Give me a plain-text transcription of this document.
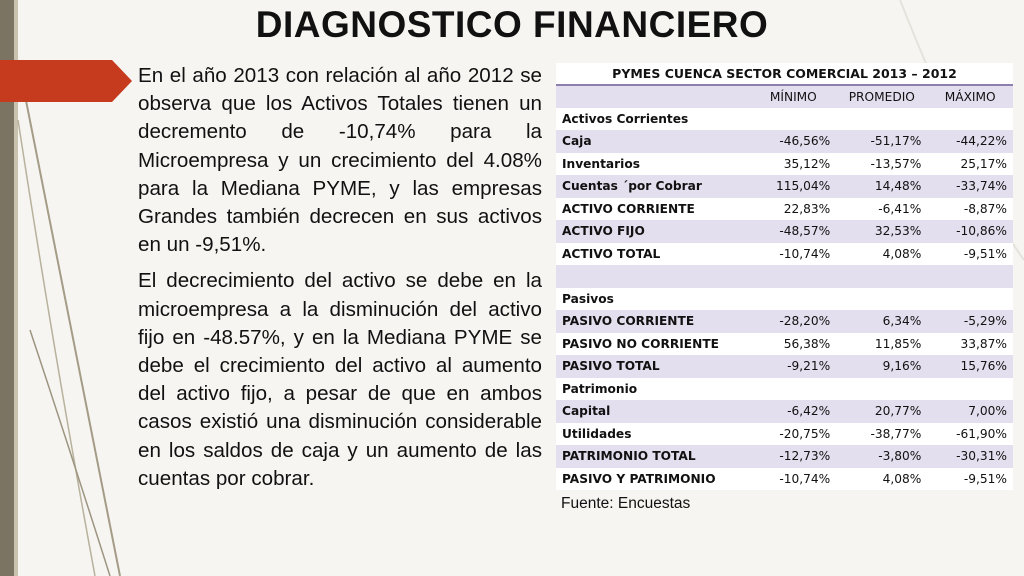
DIAGNOSTICO FINANCIERO

En el año 2013 con relación al año 2012 se observa que los Activos Totales tienen un decremento de -10,74% para la Microempresa y un crecimiento del 4.08% para la Mediana PYME, y las empresas Grandes también decrecen en sus activos en un -9,51%.

El decrecimiento del activo se debe en la microempresa a la disminución del activo fijo en -48.57%, y en la Mediana PYME se debe el crecimiento del activo al aumento del activo fijo, a pesar de que en ambos casos existió una disminución considerable en los saldos de caja y un aumento de las cuentas por cobrar.

PYMES CUENCA SECTOR COMERCIAL 2013 – 2012			
	MÍNIMO	PROMEDIO	MÁXIMO
Activos Corrientes			
Caja	-46,56%	-51,17%	-44,22%
Inventarios	35,12%	-13,57%	25,17%
Cuentas ´por Cobrar	115,04%	14,48%	-33,74%
ACTIVO CORRIENTE	22,83%	-6,41%	-8,87%
ACTIVO FIJO	-48,57%	32,53%	-10,86%
ACTIVO TOTAL	-10,74%	4,08%	-9,51%

Pasivos			
PASIVO CORRIENTE	-28,20%	6,34%	-5,29%
PASIVO NO CORRIENTE	56,38%	11,85%	33,87%
PASIVO TOTAL	-9,21%	9,16%	15,76%
Patrimonio			
Capital	-6,42%	20,77%	7,00%
Utilidades	-20,75%	-38,77%	-61,90%
PATRIMONIO TOTAL	-12,73%	-3,80%	-30,31%
PASIVO Y PATRIMONIO	-10,74%	4,08%	-9,51%
Fuente: Encuestas
